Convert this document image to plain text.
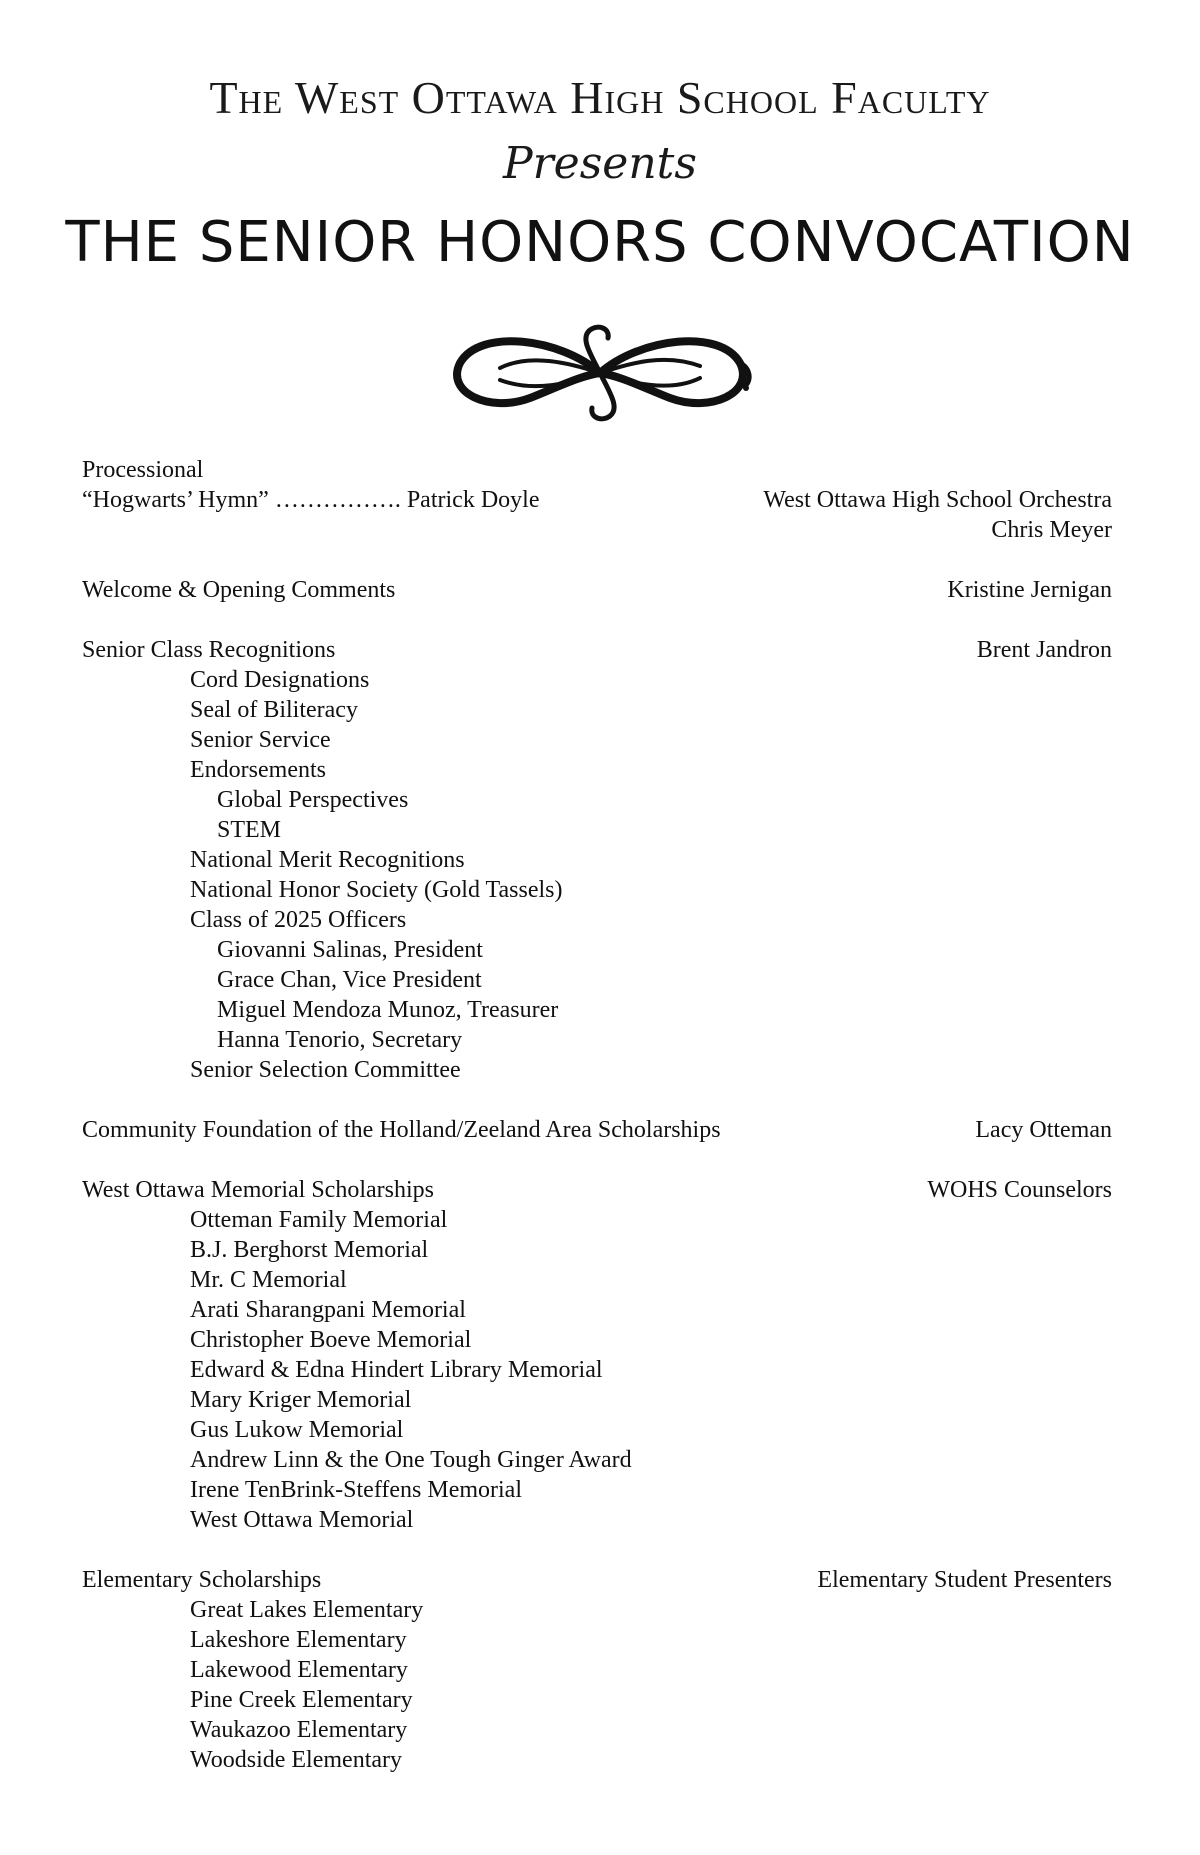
The West Ottawa High School Faculty
Presents
THE SENIOR HONORS CONVOCATION
Processional
“Hogwarts’ Hymn” ……………. Patrick Doyle	West Ottawa High School Orchestra
Chris Meyer
Welcome & Opening Comments	Kristine Jernigan
Senior Class Recognitions	Brent Jandron
Cord Designations
Seal of Biliteracy
Senior Service
Endorsements
Global Perspectives
STEM
National Merit Recognitions
National Honor Society (Gold Tassels)
Class of 2025 Officers
Giovanni Salinas, President
Grace Chan, Vice President
Miguel Mendoza Munoz, Treasurer
Hanna Tenorio, Secretary
Senior Selection Committee
Community Foundation of the Holland/Zeeland Area Scholarships	Lacy Otteman
West Ottawa Memorial Scholarships	WOHS Counselors
Otteman Family Memorial
B.J. Berghorst Memorial
Mr. C Memorial
Arati Sharangpani Memorial
Christopher Boeve Memorial
Edward & Edna Hindert Library Memorial
Mary Kriger Memorial
Gus Lukow Memorial
Andrew Linn & the One Tough Ginger Award
Irene TenBrink-Steffens Memorial
West Ottawa Memorial
Elementary Scholarships	Elementary Student Presenters
Great Lakes Elementary
Lakeshore Elementary
Lakewood Elementary
Pine Creek Elementary
Waukazoo Elementary
Woodside Elementary
